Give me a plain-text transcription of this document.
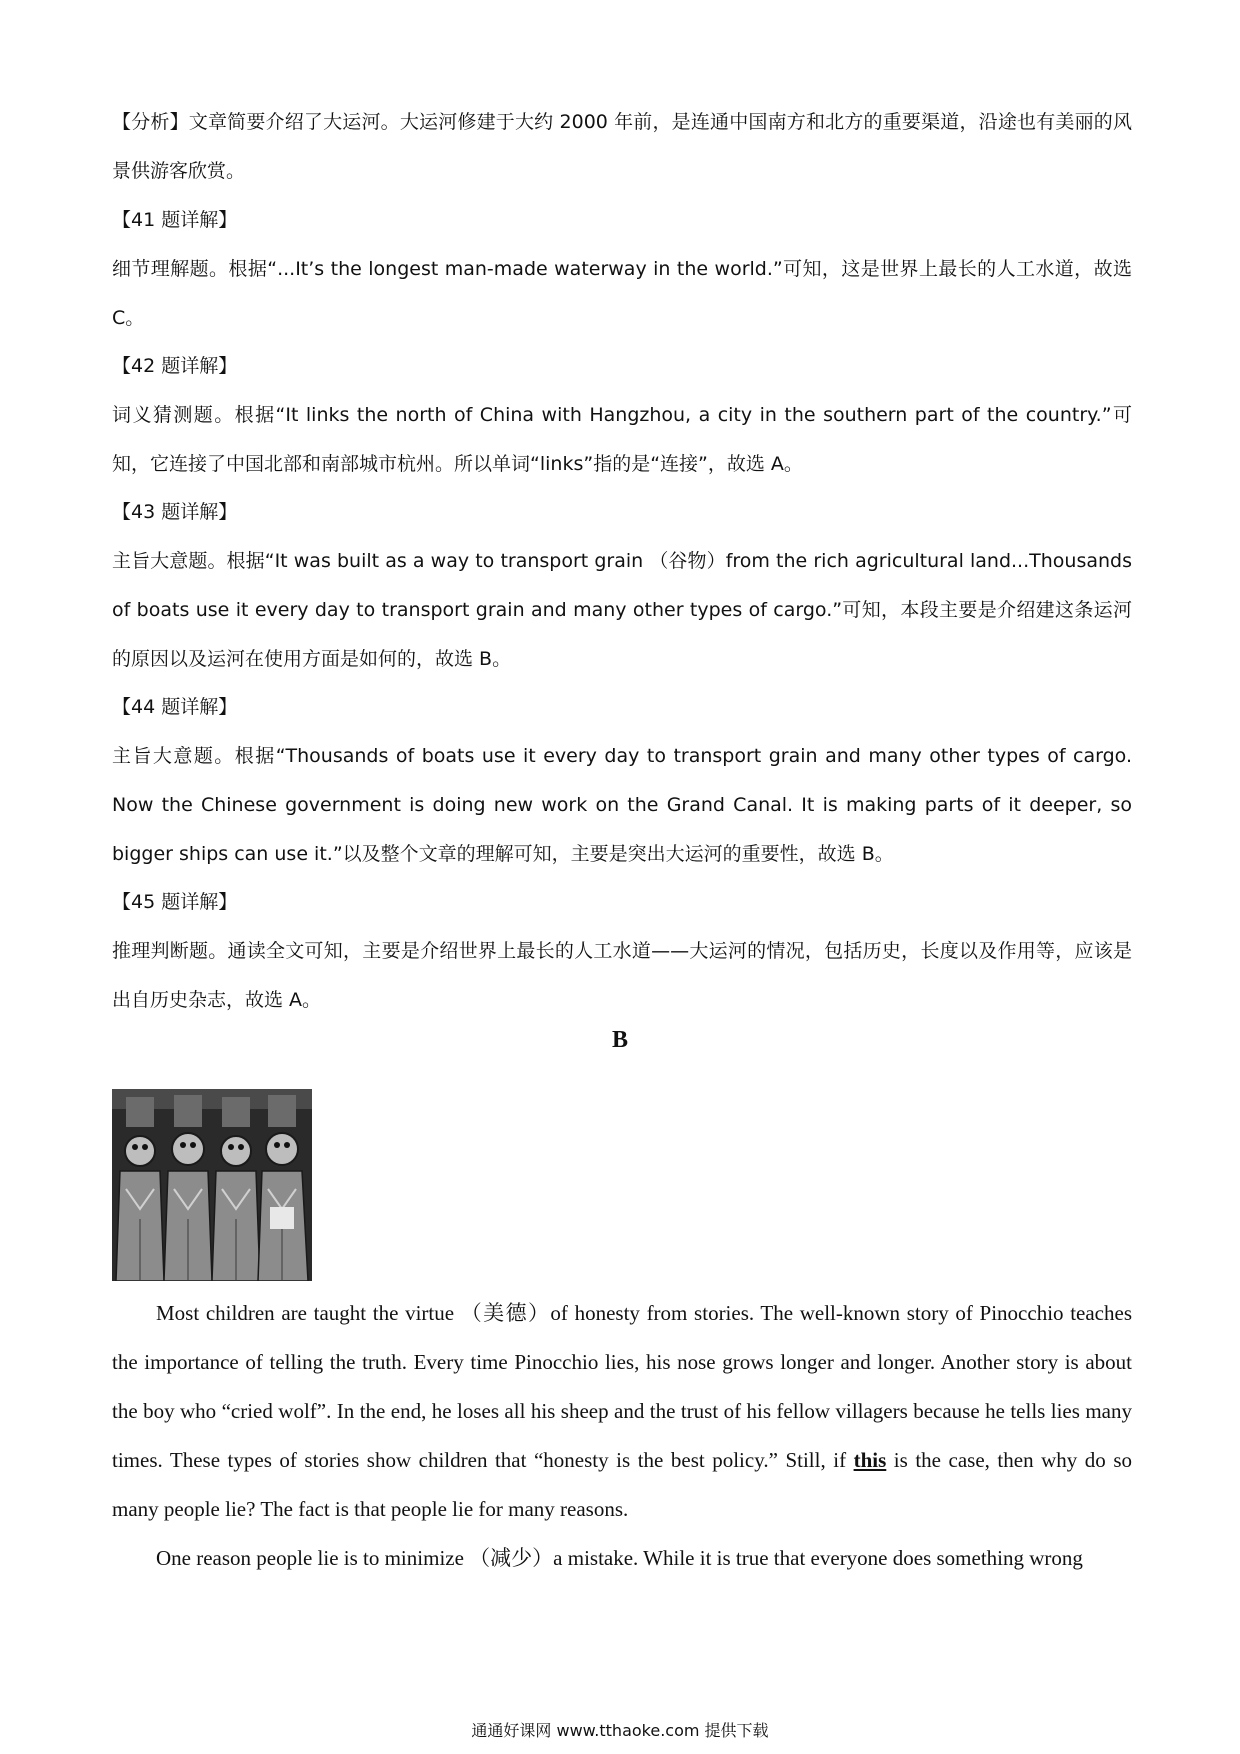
【分析】文章简要介绍了大运河。大运河修建于大约 2000 年前，是连通中国南方和北方的重要渠道，沿途也有美丽的风景供游客欣赏。

【41 题详解】

细节理解题。根据“...It’s the longest man-made waterway in the world.”可知，这是世界上最长的人工水道，故选 C。

【42 题详解】

词义猜测题。根据“It links the north of China with Hangzhou, a city in the southern part of the country.”可知，它连接了中国北部和南部城市杭州。所以单词“links”指的是“连接”，故选 A。

【43 题详解】

主旨大意题。根据“It was built as a way to transport grain （谷物）from the rich agricultural land...Thousands of boats use it every day to transport grain and many other types of cargo.”可知，本段主要是介绍建这条运河的原因以及运河在使用方面是如何的，故选 B。

【44 题详解】

主旨大意题。根据“Thousands of boats use it every day to transport grain and many other types of cargo. Now the Chinese government is doing new work on the Grand Canal. It is making parts of it deeper, so bigger ships can use it.”以及整个文章的理解可知，主要是突出大运河的重要性，故选 B。

【45 题详解】

推理判断题。通读全文可知，主要是介绍世界上最长的人工水道——大运河的情况，包括历史，长度以及作用等，应该是出自历史杂志，故选 A。

B

Most children are taught the virtue （美德）of honesty from stories. The well-known story of Pinocchio teaches the importance of telling the truth. Every time Pinocchio lies, his nose grows longer and longer. Another story is about the boy who “cried wolf”. In the end, he loses all his sheep and the trust of his fellow villagers because he tells lies many times. These types of stories show children that “honesty is the best policy.” Still, if this is the case, then why do so many people lie? The fact is that people lie for many reasons.

One reason people lie is to minimize （减少）a mistake. While it is true that everyone does something wrong

通通好课网 www.tthaoke.com 提供下载
